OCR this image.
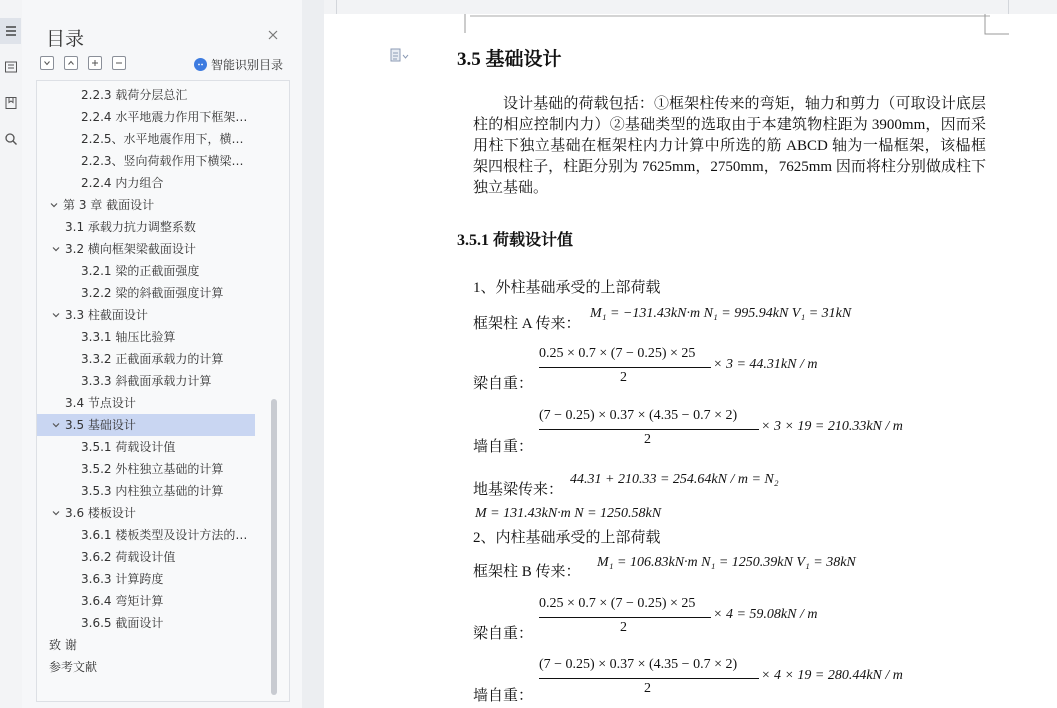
目录
智能识别目录
2.2.3 载荷分层总汇
2.2.4 水平地震力作用下框架…
2.2.5、水平地震作用下，横…
2.2.3、竖向荷载作用下横梁…
2.2.4 内力组合
第 3 章 截面设计
3.1 承载力抗力调整系数
3.2 横向框架梁截面设计
3.2.1 梁的正截面强度
3.2.2 梁的斜截面强度计算
3.3 柱截面设计
3.3.1 轴压比验算
3.3.2 正截面承载力的计算
3.3.3 斜截面承载力计算
3.4 节点设计
3.5 基础设计
3.5.1 荷载设计值
3.5.2 外柱独立基础的计算
3.5.3 内柱独立基础的计算
3.6 楼板设计
3.6.1 楼板类型及设计方法的…
3.6.2 荷载设计值
3.6.3 计算跨度
3.6.4 弯矩计算
3.6.5 截面设计
致 谢
参考文献
3.5 基础设计
设计基础的荷载包括：①框架柱传来的弯矩，轴力和剪力（可取设计底层柱的相应控制内力）②基础类型的选取由于本建筑物柱距为 3900mm，因而采用柱下独立基础在框架柱内力计算中所选的筋 ABCD 轴为一榀框架，该榀框架四根柱子，柱距分别为 7625mm，2750mm，7625mm 因而将柱分别做成柱下独立基础。
3.5.1 荷载设计值
1、外柱基础承受的上部荷载
框架柱 A 传来：
M₁ = −131.43kN·m N₁ = 995.94kN V₁ = 31kN
梁自重：
0.25 × 0.7 × (7 − 0.25) × 25
2
× 3 = 44.31kN / m
墙自重：
(7 − 0.25) × 0.37 × (4.35 − 0.7 × 2)
2
× 3 × 19 = 210.33kN / m
地基梁传来：
44.31 + 210.33 = 254.64kN / m = N₂
M = 131.43kN·m N = 1250.58kN
2、内柱基础承受的上部荷载
框架柱 B 传来：
M₁ = 106.83kN·m N₁ = 1250.39kN V₁ = 38kN
梁自重：
0.25 × 0.7 × (7 − 0.25) × 25
2
× 4 = 59.08kN / m
墙自重：
(7 − 0.25) × 0.37 × (4.35 − 0.7 × 2)
2
× 4 × 19 = 280.44kN / m
